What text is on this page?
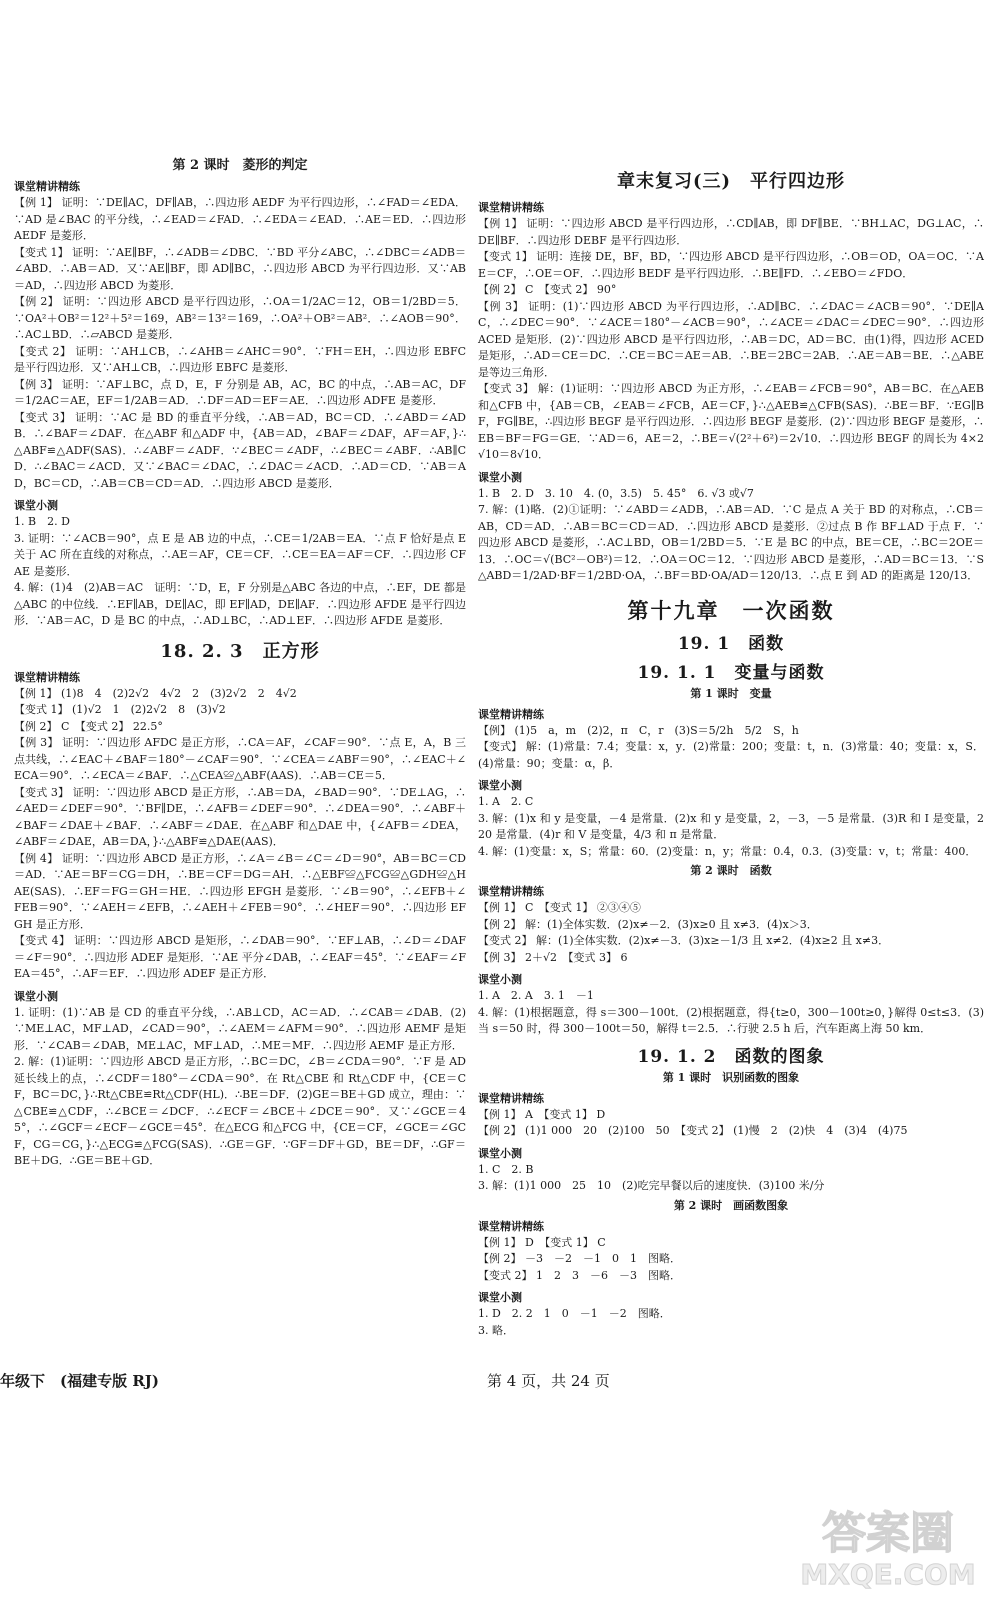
第 2 课时　菱形的判定

课堂精讲精练

【例 1】 证明：∵DE∥AC，DF∥AB，∴四边形 AEDF 为平行四边形，∴∠FAD＝∠EDA．∵AD 是∠BAC 的平分线，∴∠EAD＝∠FAD．∴∠EDA＝∠EAD．∴AE＝ED．∴四边形 AEDF 是菱形．

【变式 1】 证明：∵AE∥BF，∴∠ADB＝∠DBC．∵BD 平分∠ABC，∴∠DBC＝∠ADB＝∠ABD．∴AB＝AD．又∵AE∥BF，即 AD∥BC，∴四边形 ABCD 为平行四边形．又∵AB＝AD，∴四边形 ABCD 为菱形．

【例 2】 证明：∵四边形 ABCD 是平行四边形，∴OA＝1/2AC＝12，OB＝1/2BD＝5．∵OA²＋OB²＝12²＋5²＝169，AB²＝13²＝169，∴OA²＋OB²＝AB²．∴∠AOB＝90°．∴AC⊥BD．∴▱ABCD 是菱形．

【变式 2】 证明：∵AH⊥CB，∴∠AHB＝∠AHC＝90°．∵FH＝EH，∴四边形 EBFC 是平行四边形．又∵AH⊥CB，∴四边形 EBFC 是菱形．

【例 3】 证明：∵AF⊥BC，点 D，E，F 分别是 AB，AC，BC 的中点，∴AB＝AC，DF＝1/2AC＝AE，EF＝1/2AB＝AD．∴DF＝AD＝EF＝AE．∴四边形 ADFE 是菱形．

【变式 3】 证明：∵AC 是 BD 的垂直平分线，∴AB＝AD，BC＝CD．∴∠ABD＝∠ADB．∴∠BAF＝∠DAF．在△ABF 和△ADF 中，{AB＝AD，∠BAF＝∠DAF，AF＝AF，}∴△ABF≌△ADF(SAS)．∴∠ABF＝∠ADF．∵∠BEC＝∠ADF，∴∠BEC＝∠ABF．∴AB∥CD．∴∠BAC＝∠ACD．又∵∠BAC＝∠DAC，∴∠DAC＝∠ACD．∴AD＝CD．∵AB＝AD，BC＝CD，∴AB＝CB＝CD＝AD．∴四边形 ABCD 是菱形．

课堂小测

1. B　2. D

3. 证明：∵∠ACB＝90°，点 E 是 AB 边的中点，∴CE＝1/2AB＝EA．∵点 F 恰好是点 E 关于 AC 所在直线的对称点，∴AE＝AF，CE＝CF．∴CE＝EA＝AF＝CF．∴四边形 CFAE 是菱形．

4. 解：(1)4　(2)AB＝AC　证明：∵D，E，F 分别是△ABC 各边的中点，∴EF，DE 都是△ABC 的中位线．∴EF∥AB，DE∥AC，即 EF∥AD，DE∥AF．∴四边形 AFDE 是平行四边形．∵AB＝AC，D 是 BC 的中点，∴AD⊥BC，∴AD⊥EF．∴四边形 AFDE 是菱形．

18. 2. 3　正方形

课堂精讲精练

【例 1】 (1)8　4　(2)2√2　4√2　2　(3)2√2　2　4√2

【变式 1】 (1)√2　1　(2)2√2　8　(3)√2

【例 2】 C　【变式 2】 22.5°

【例 3】 证明：∵四边形 AFDC 是正方形，∴CA＝AF，∠CAF＝90°．∵点 E，A，B 三点共线，∴∠EAC＋∠BAF＝180°－∠CAF＝90°．∵∠CEA＝∠ABF＝90°，∴∠EAC＋∠ECA＝90°．∴∠ECA＝∠BAF．∴△CEA≌△ABF(AAS)．∴AB＝CE＝5．

【变式 3】 证明：∵四边形 ABCD 是正方形，∴AB＝DA，∠BAD＝90°．∵DE⊥AG，∴∠AED＝∠DEF＝90°．∵BF∥DE，∴∠AFB＝∠DEF＝90°．∴∠DEA＝90°．∴∠ABF＋∠BAF＝∠DAE＋∠BAF．∴∠ABF＝∠DAE．在△ABF 和△DAE 中，{∠AFB＝∠DEA，∠ABF＝∠DAE，AB＝DA，}∴△ABF≌△DAE(AAS)．

【例 4】 证明：∵四边形 ABCD 是正方形，∴∠A＝∠B＝∠C＝∠D＝90°，AB＝BC＝CD＝AD．∵AE＝BF＝CG＝DH，∴BE＝CF＝DG＝AH．∴△EBF≌△FCG≌△GDH≌△HAE(SAS)．∴EF＝FG＝GH＝HE．∴四边形 EFGH 是菱形．∵∠B＝90°，∴∠EFB＋∠FEB＝90°．∵∠AEH＝∠EFB，∴∠AEH＋∠FEB＝90°．∴∠HEF＝90°．∴四边形 EFGH 是正方形．

【变式 4】 证明：∵四边形 ABCD 是矩形，∴∠DAB＝90°．∵EF⊥AB，∴∠D＝∠DAF＝∠F＝90°．∴四边形 ADEF 是矩形．∵AE 平分∠DAB，∴∠EAF＝45°．∵∠EAF＝∠FEA＝45°，∴AF＝EF．∴四边形 ADEF 是正方形．

课堂小测

1. 证明：(1)∵AB 是 CD 的垂直平分线，∴AB⊥CD，AC＝AD．∴∠CAB＝∠DAB．(2)∵ME⊥AC，MF⊥AD，∠CAD＝90°，∴∠AEM＝∠AFM＝90°．∴四边形 AEMF 是矩形．∵∠CAB＝∠DAB，ME⊥AC，MF⊥AD，∴ME＝MF．∴四边形 AEMF 是正方形．

2. 解：(1)证明：∵四边形 ABCD 是正方形，∴BC＝DC，∠B＝∠CDA＝90°．∵F 是 AD 延长线上的点，∴∠CDF＝180°－∠CDA＝90°．在 Rt△CBE 和 Rt△CDF 中，{CE＝CF，BC＝DC，}∴Rt△CBE≌Rt△CDF(HL)．∴BE＝DF．(2)GE＝BE＋GD 成立，理由：∵△CBE≌△CDF，∴∠BCE＝∠DCF．∴∠ECF＝∠BCE＋∠DCE＝90°．又∵∠GCE＝45°，∴∠GCF＝∠ECF－∠GCE＝45°．在△ECG 和△FCG 中，{CE＝CF，∠GCE＝∠GCF，CG＝CG，}∴△ECG≌△FCG(SAS)．∴GE＝GF．∵GF＝DF＋GD，BE＝DF，∴GF＝BE＋DG．∴GE＝BE＋GD．

章末复习(三)　平行四边形

课堂精讲精练

【例 1】 证明：∵四边形 ABCD 是平行四边形，∴CD∥AB，即 DF∥BE．∵BH⊥AC，DG⊥AC，∴DE∥BF．∴四边形 DEBF 是平行四边形．

【变式 1】 证明：连接 DE，BF，BD，∵四边形 ABCD 是平行四边形，∴OB＝OD，OA＝OC．∵AE＝CF，∴OE＝OF．∴四边形 BEDF 是平行四边形．∴BE∥FD．∴∠EBO＝∠FDO．

【例 2】 C　【变式 2】 90°

【例 3】 证明：(1)∵四边形 ABCD 为平行四边形，∴AD∥BC．∴∠DAC＝∠ACB＝90°．∵DE∥AC，∴∠DEC＝90°．∵∠ACE＝180°－∠ACB＝90°，∴∠ACE＝∠DAC＝∠DEC＝90°．∴四边形 ACED 是矩形．(2)∵四边形 ABCD 是平行四边形，∴AB＝DC，AD＝BC．由(1)得，四边形 ACED 是矩形，∴AD＝CE＝DC．∴CE＝BC＝AE＝AB．∴BE＝2BC＝2AB．∴AE＝AB＝BE．∴△ABE 是等边三角形．

【变式 3】 解：(1)证明：∵四边形 ABCD 为正方形，∴∠EAB＝∠FCB＝90°，AB＝BC．在△AEB 和△CFB 中，{AB＝CB，∠EAB＝∠FCB，AE＝CF，}∴△AEB≌△CFB(SAS)．∴BE＝BF．∵EG∥BF，FG∥BE，∴四边形 BEGF 是平行四边形．∴四边形 BEGF 是菱形．(2)∵四边形 BEGF 是菱形，∴EB＝BF＝FG＝GE．∵AD＝6，AE＝2，∴BE＝√(2²＋6²)＝2√10．∴四边形 BEGF 的周长为 4×2√10＝8√10．

课堂小测

1. B　2. D　3. 10　4. (0，3.5)　5. 45°　6. √3 或√7

7. 解：(1)略．(2)①证明：∵∠ABD＝∠ADB，∴AB＝AD．∵C 是点 A 关于 BD 的对称点，∴CB＝AB，CD＝AD．∴AB＝BC＝CD＝AD．∴四边形 ABCD 是菱形．②过点 B 作 BF⊥AD 于点 F．∵四边形 ABCD 是菱形，∴AC⊥BD，OB＝1/2BD＝5．∵E 是 BC 的中点，BE＝CE，∴BC＝2OE＝13．∴OC＝√(BC²－OB²)＝12．∴OA＝OC＝12．∵四边形 ABCD 是菱形，∴AD＝BC＝13．∵S△ABD＝1/2AD·BF＝1/2BD·OA，∴BF＝BD·OA/AD＝120/13．∴点 E 到 AD 的距离是 120/13．

第十九章　一次函数
19. 1　函数
19. 1. 1　变量与函数
第 1 课时　变量

课堂精讲精练

【例】 (1)5　a，m　(2)2，π　C，r　(3)S＝5/2h　5/2　S，h

【变式】 解：(1)常量：7.4；变量：x，y．(2)常量：200；变量：t，n．(3)常量：40；变量：x，S．(4)常量：90；变量：α，β．

课堂小测

1. A　2. C

3. 解：(1)x 和 y 是变量，－4 是常量．(2)x 和 y 是变量，2，－3，－5 是常量．(3)R 和 I 是变量，220 是常量．(4)r 和 V 是变量，4/3 和 π 是常量．

4. 解：(1)变量：x，S；常量：60．(2)变量：n，y；常量：0.4，0.3．(3)变量：v，t；常量：400．

第 2 课时　函数

课堂精讲精练

【例 1】 C　【变式 1】 ②③④⑤

【例 2】 解：(1)全体实数．(2)x≠－2．(3)x≥0 且 x≠3．(4)x＞3．

【变式 2】 解：(1)全体实数．(2)x≠－3．(3)x≥－1/3 且 x≠2．(4)x≥2 且 x≠3．

【例 3】 2＋√2　【变式 3】 6

课堂小测

1. A　2. A　3. 1　－1

4. 解：(1)根据题意，得 s＝300－100t．(2)根据题意，得{t≥0，300－100t≥0，}解得 0≤t≤3．(3)当 s＝50 时，得 300－100t＝50，解得 t＝2.5．∴行驶 2.5 h 后，汽车距离上海 50 km．

19. 1. 2　函数的图象
第 1 课时　识别函数的图象

课堂精讲精练

【例 1】 A　【变式 1】 D

【例 2】 (1)1 000　20　(2)100　50　【变式 2】 (1)慢　2　(2)快　4　(3)4　(4)75

课堂小测

1. C　2. B

3. 解：(1)1 000　25　10　(2)吃完早餐以后的速度快．(3)100 米/分

第 2 课时　画函数图象

课堂精讲精练

【例 1】 D　【变式 1】 C

【例 2】 －3　－2　－1　0　1　图略．

【变式 2】 1　2　3　－6　－3　图略．

课堂小测

1. D　2. 2　1　0　－1　－2　图略．

3. 略．

年级下　(福建专版 RJ)	第 4 页，共 24 页
答案圈
MXQE.COM
